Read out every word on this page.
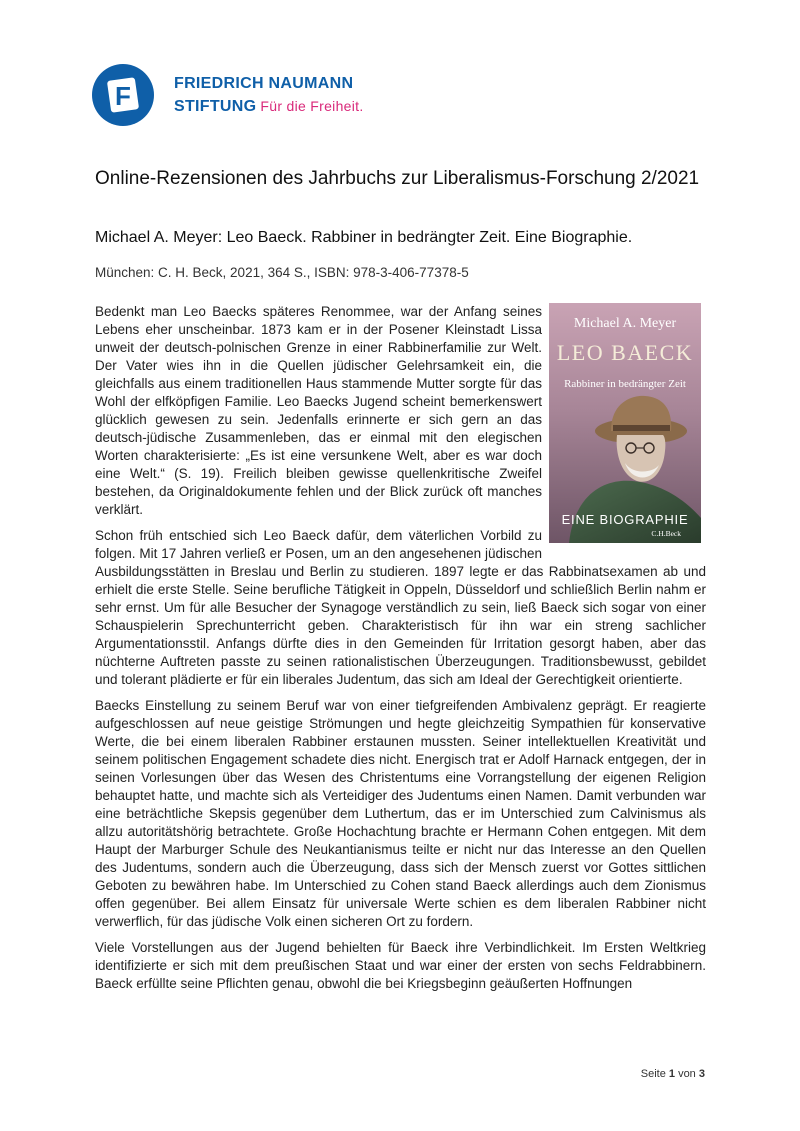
F	FRIEDRICH NAUMANN
STIFTUNG Für die Freiheit.
Online-Rezensionen des Jahrbuchs zur Liberalismus-Forschung 2/2021
Michael A. Meyer: Leo Baeck. Rabbiner in bedrängter Zeit. Eine Biographie.
München: C. H. Beck, 2021, 364 S., ISBN: 978-3-406-77378-5
Michael A. Meyer
LEO BAECK
Rabbiner in bedrängter Zeit
EINE BIOGRAPHIE
C.H.Beck

Bedenkt man Leo Baecks späteres Renommee, war der Anfang seines Lebens eher unscheinbar. 1873 kam er in der Posener Kleinstadt Lissa unweit der deutsch-polnischen Grenze in einer Rabbinerfamilie zur Welt. Der Vater wies ihn in die Quellen jüdischer Gelehrsamkeit ein, die gleichfalls aus einem traditionellen Haus stammende Mutter sorgte für das Wohl der elfköpfigen Familie. Leo Baecks Jugend scheint bemerkenswert glücklich gewesen zu sein. Jedenfalls erinnerte er sich gern an das deutsch-jüdische Zusammenleben, das er einmal mit den elegischen Worten charakterisierte: „Es ist eine versunkene Welt, aber es war doch eine Welt.“ (S. 19). Freilich bleiben gewisse quellenkritische Zweifel bestehen, da Originaldokumente fehlen und der Blick zurück oft manches verklärt.

Schon früh entschied sich Leo Baeck dafür, dem väterlichen Vorbild zu folgen. Mit 17 Jahren verließ er Posen, um an den angesehenen jüdischen Ausbildungsstätten in Breslau und Berlin zu studieren. 1897 legte er das Rabbinatsexamen ab und erhielt die erste Stelle. Seine berufliche Tätigkeit in Oppeln, Düsseldorf und schließlich Berlin nahm er sehr ernst. Um für alle Besucher der Synagoge verständlich zu sein, ließ Baeck sich sogar von einer Schauspielerin Sprechunterricht geben. Charakteristisch für ihn war ein streng sachlicher Argumentationsstil. Anfangs dürfte dies in den Gemeinden für Irritation gesorgt haben, aber das nüchterne Auftreten passte zu seinen rationalistischen Überzeugungen. Traditionsbewusst, gebildet und tolerant plädierte er für ein liberales Judentum, das sich am Ideal der Gerechtigkeit orientierte.

Baecks Einstellung zu seinem Beruf war von einer tiefgreifenden Ambivalenz geprägt. Er reagierte aufgeschlossen auf neue geistige Strömungen und hegte gleichzeitig Sympathien für konservative Werte, die bei einem liberalen Rabbiner erstaunen mussten. Seiner intellektuellen Kreativität und seinem politischen Engagement schadete dies nicht. Energisch trat er Adolf Harnack entgegen, der in seinen Vorlesungen über das Wesen des Christentums eine Vorrangstellung der eigenen Religion behauptet hatte, und machte sich als Verteidiger des Judentums einen Namen. Damit verbunden war eine beträchtliche Skepsis gegenüber dem Luthertum, das er im Unterschied zum Calvinismus als allzu autoritätshörig betrachtete. Große Hochachtung brachte er Hermann Cohen entgegen. Mit dem Haupt der Marburger Schule des Neukantianismus teilte er nicht nur das Interesse an den Quellen des Judentums, sondern auch die Überzeugung, dass sich der Mensch zuerst vor Gottes sittlichen Geboten zu bewähren habe. Im Unterschied zu Cohen stand Baeck allerdings auch dem Zionismus offen gegenüber. Bei allem Einsatz für universale Werte schien es dem liberalen Rabbiner nicht verwerflich, für das jüdische Volk einen sicheren Ort zu fordern.

Viele Vorstellungen aus der Jugend behielten für Baeck ihre Verbindlichkeit. Im Ersten Weltkrieg identifizierte er sich mit dem preußischen Staat und war einer der ersten von sechs Feldrabbinern. Baeck erfüllte seine Pflichten genau, obwohl die bei Kriegsbeginn geäußerten Hoffnungen

Seite 1 von 3
